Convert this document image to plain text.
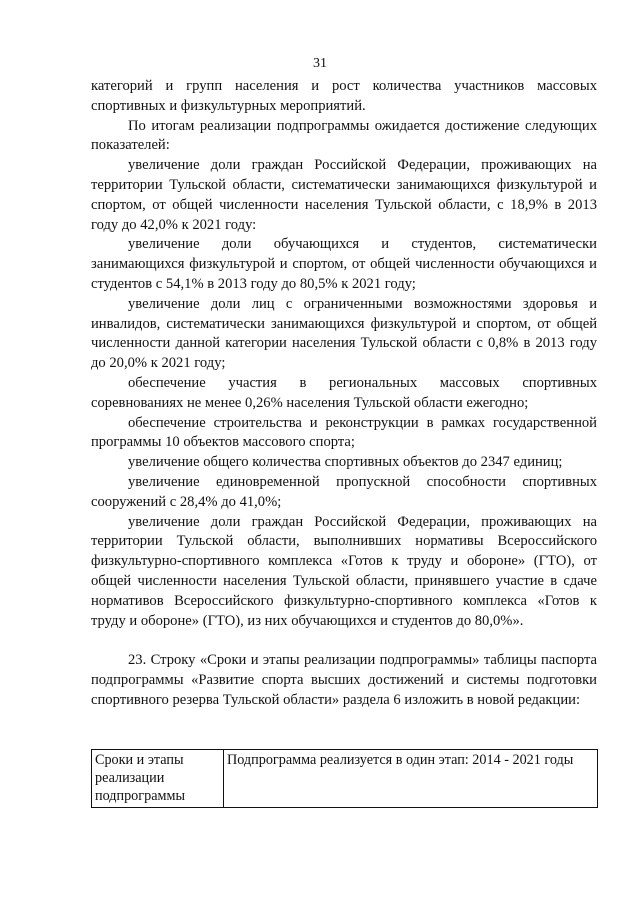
31

категорий и групп населения и рост количества участников массовых спортивных и физкультурных мероприятий.

По итогам реализации подпрограммы ожидается достижение следующих показателей:

увеличение доли граждан Российской Федерации, проживающих на территории Тульской области, систематически занимающихся физкультурой и спортом, от общей численности населения Тульской области, с 18,9% в 2013 году до 42,0% к 2021 году:

увеличение доли обучающихся и студентов, систематически занимающихся физкультурой и спортом, от общей численности обучающихся и студентов с 54,1% в 2013 году до 80,5% к 2021 году;

увеличение доли лиц с ограниченными возможностями здоровья и инвалидов, систематически занимающихся физкультурой и спортом, от общей численности данной категории населения Тульской области с 0,8% в 2013 году до 20,0% к 2021 году;

обеспечение участия в региональных массовых спортивных соревнованиях не менее 0,26% населения Тульской области ежегодно;

обеспечение строительства и реконструкции в рамках государственной программы 10 объектов массового спорта;

увеличение общего количества спортивных объектов до 2347 единиц;

увеличение единовременной пропускной способности спортивных сооружений с 28,4% до 41,0%;

увеличение доли граждан Российской Федерации, проживающих на территории Тульской области, выполнивших нормативы Всероссийского физкультурно-спортивного комплекса «Готов к труду и обороне» (ГТО), от общей численности населения Тульской области, принявшего участие в сдаче нормативов Всероссийского физкультурно-спортивного комплекса «Готов к труду и обороне» (ГТО), из них обучающихся и студентов до 80,0%».

23. Строку «Сроки и этапы реализации подпрограммы» таблицы паспорта подпрограммы «Развитие спорта высших достижений и системы подготовки спортивного резерва Тульской области» раздела 6 изложить в новой редакции:

Сроки и этапы реализации подпрограммы	Подпрограмма реализуется в один этап: 2014 - 2021 годы
